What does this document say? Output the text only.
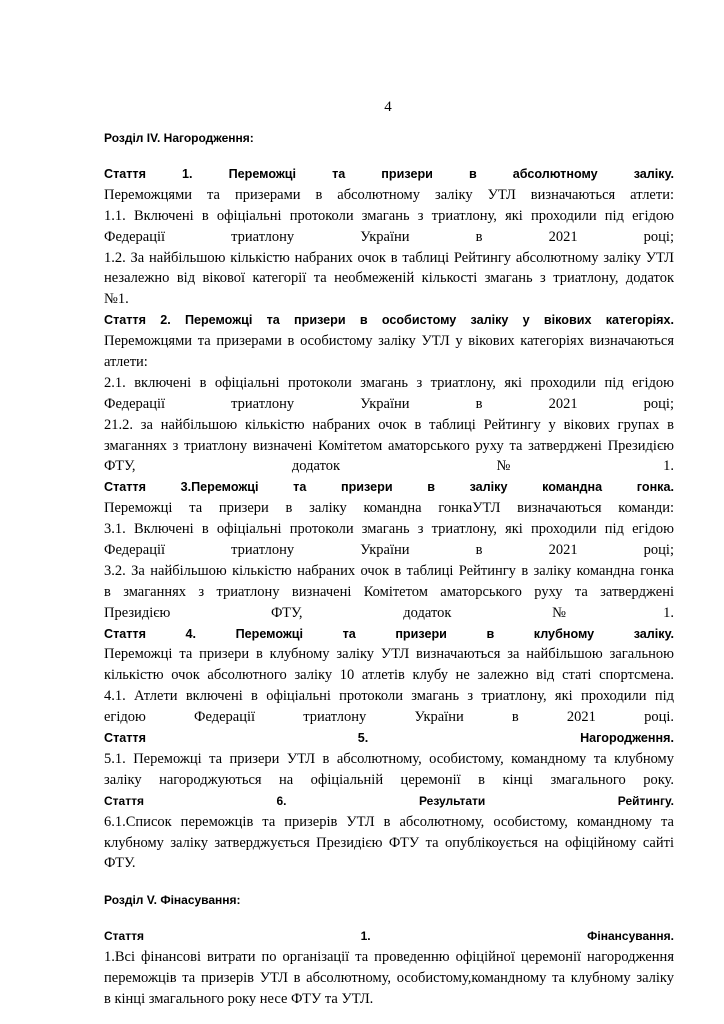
4

Розділ IV. Нагородження:

Стаття 1. Переможці та призери в абсолютному заліку.

Переможцями та призерами в абсолютному заліку УТЛ визначаються атлети:

1.1. Включені в офіціальні протоколи змагань з триатлону, які проходили під егідою

Федерації триатлону України в 2021 році;

1.2. За найбільшою кількістю набраних очок в таблиці Рейтингу абсолютному заліку УТЛ

незалежно від вікової категорії та необмеженій кількості змагань з триатлону, додаток

№1.

Стаття 2. Переможці та призери в особистому заліку у вікових категоріях.

Переможцями та призерами в особистому заліку УТЛ у вікових категоріях визначаються

атлети:

2.1. включені в офіціальні протоколи змагань з триатлону, які проходили під егідою

Федерації триатлону України в 2021 році;

21.2. за найбільшою кількістю набраних очок в таблиці Рейтингу у вікових групах в

змаганнях з триатлону визначені Комітетом аматорського руху та затверджені Президією

ФТУ, додаток №1.

Стаття 3.Переможці та призери в заліку командна гонка.

Переможці та призери в заліку командна гонкаУТЛ визначаються команди:

3.1. Включені в офіціальні протоколи змагань з триатлону, які проходили під егідою

Федерації триатлону України в 2021 році;

3.2. За найбільшою кількістю набраних очок в таблиці Рейтингу в заліку командна гонка

в змаганнях з триатлону визначені Комітетом аматорського руху та затверджені

Президією ФТУ, додаток №1.

Стаття 4. Переможці та призери в клубному заліку.

Переможці та призери в клубному заліку УТЛ визначаються за найбільшою загальною

кількістю очок абсолютного заліку 10 атлетів клубу не залежно від статі спортсмена.

4.1. Атлети включені в офіціальні протоколи змагань з триатлону, які проходили під

егідою Федерації триатлону України в 2021 році.

Стаття 5. Нагородження.

5.1. Переможці та призери УТЛ в абсолютному, особистому, командному та клубному

заліку нагороджуються на офіціальній церемонії в кінці змагального року.

Стаття 6. Результати Рейтингу.

6.1.Список переможців та призерів УТЛ в абсолютному, особистому, командному та

клубному заліку затверджується Президією ФТУ та опублікоується на офіційному сайті

ФТУ.

Розділ V. Фінасування:

Стаття 1. Фінансування.

1.Всі фінансові витрати по організації та проведенню офіційної церемонії нагородження

переможців та призерів УТЛ в абсолютному, особистому,командному та клубному заліку

в кінці змагального року несе ФТУ та УТЛ.
